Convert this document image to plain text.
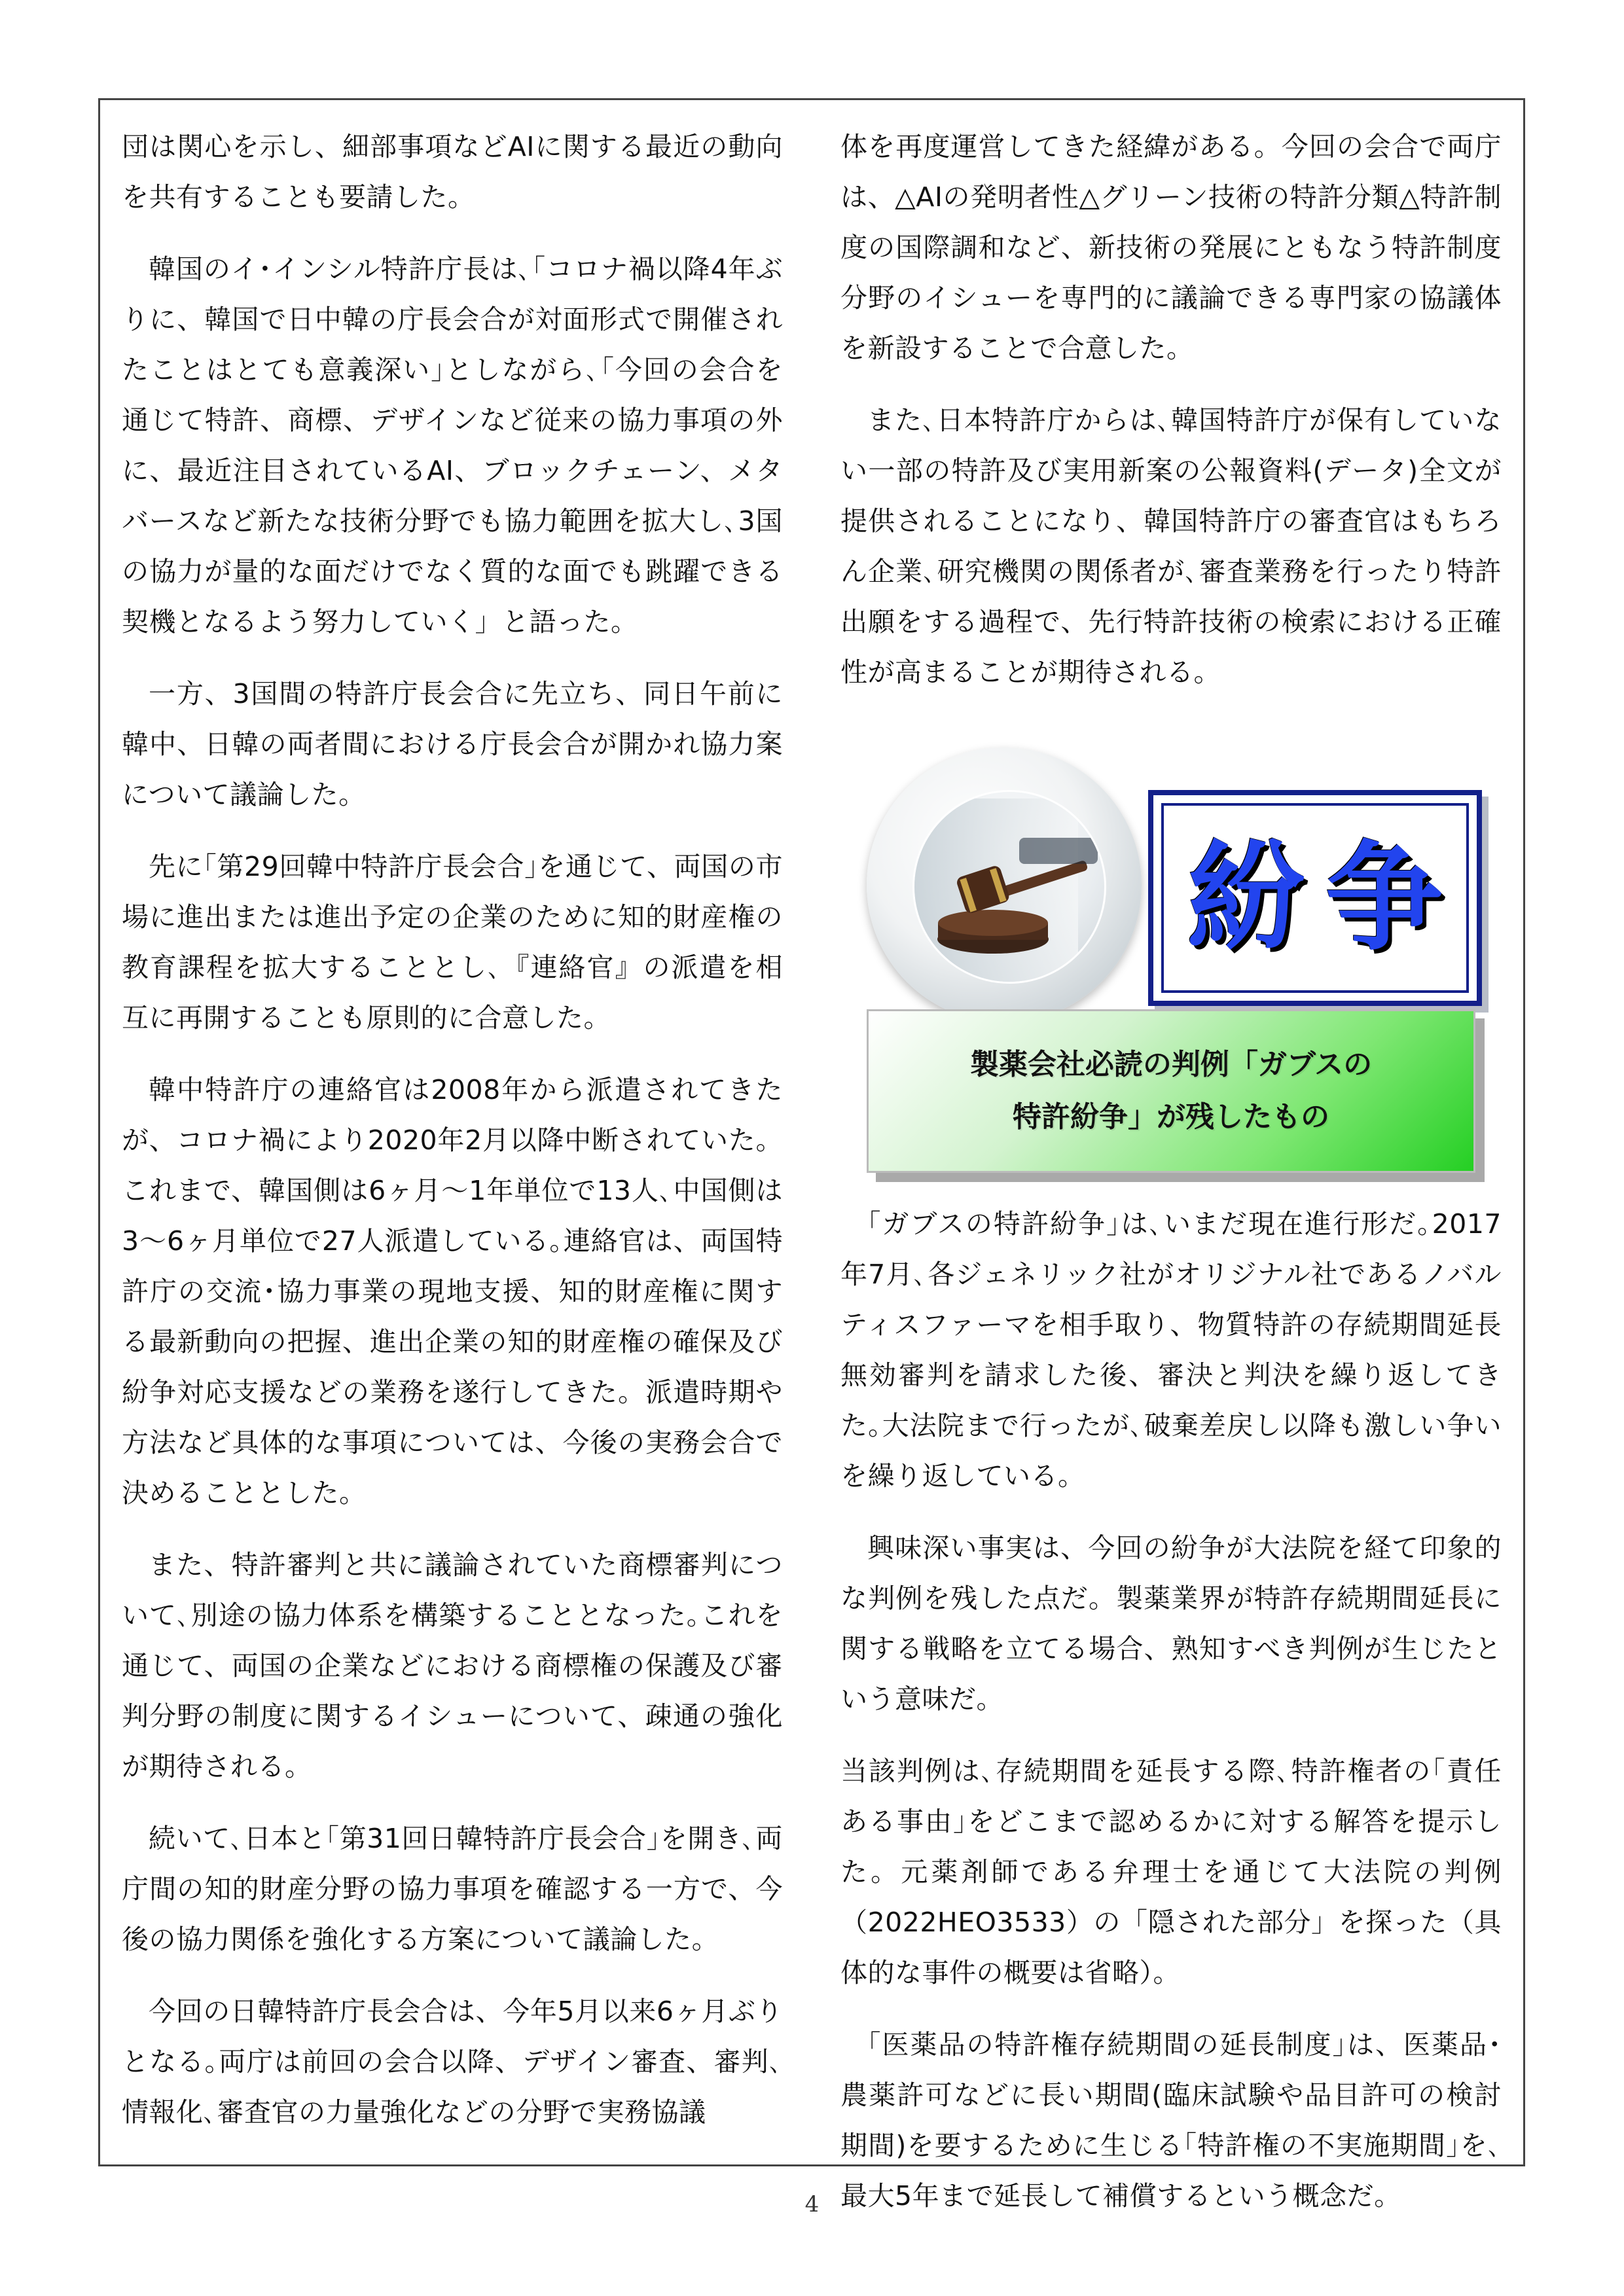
団は関心を示し、細部事項などAIに関する最近の動向を共有することも要請した。

韓国のイ･インシル特許庁長は､｢コロナ禍以降4年ぶりに、韓国で日中韓の庁長会合が対面形式で開催されたことはとても意義深い｣としながら､｢今回の会合を通じて特許、商標、デザインなど従来の協力事項の外に、最近注目されているAI、ブロックチェーン、メタバースなど新たな技術分野でも協力範囲を拡大し､3国の協力が量的な面だけでなく質的な面でも跳躍できる契機となるよう努力していく」と語った。

一方、3国間の特許庁長会合に先立ち、同日午前に韓中、日韓の両者間における庁長会合が開かれ協力案について議論した。

先に｢第29回韓中特許庁長会合｣を通じて、両国の市場に進出または進出予定の企業のために知的財産権の教育課程を拡大することとし､『連絡官』の派遣を相互に再開することも原則的に合意した。

韓中特許庁の連絡官は2008年から派遣されてきたが、コロナ禍により2020年2月以降中断されていた。これまで、韓国側は6ヶ月～1年単位で13人､中国側は3～6ヶ月単位で27人派遣している｡連絡官は、両国特許庁の交流･協力事業の現地支援、知的財産権に関する最新動向の把握、進出企業の知的財産権の確保及び紛争対応支援などの業務を遂行してきた。派遣時期や方法など具体的な事項については、今後の実務会合で決めることとした。

また、特許審判と共に議論されていた商標審判について､別途の協力体系を構築することとなった｡これを通じて、両国の企業などにおける商標権の保護及び審判分野の制度に関するイシューについて、疎通の強化が期待される。

続いて､日本と｢第31回日韓特許庁長会合｣を開き､両庁間の知的財産分野の協力事項を確認する一方で、今後の協力関係を強化する方案について議論した。

今回の日韓特許庁長会合は、今年5月以来6ヶ月ぶりとなる｡両庁は前回の会合以降、デザイン審査、審判､情報化､審査官の力量強化などの分野で実務協議

体を再度運営してきた経緯がある。今回の会合で両庁は、△AIの発明者性△グリーン技術の特許分類△特許制度の国際調和など、新技術の発展にともなう特許制度分野のイシューを専門的に議論できる専門家の協議体を新設することで合意した。

また､日本特許庁からは､韓国特許庁が保有していない一部の特許及び実用新案の公報資料(データ)全文が提供されることになり、韓国特許庁の審査官はもちろん企業､研究機関の関係者が､審査業務を行ったり特許出願をする過程で、先行特許技術の検索における正確性が高まることが期待される。

紛 争
製薬会社必読の判例「ガブスの
特許紛争」が残したもの

｢ガブスの特許紛争｣は､いまだ現在進行形だ｡2017年7月､各ジェネリック社がオリジナル社であるノバルティスファーマを相手取り、物質特許の存続期間延長無効審判を請求した後、審決と判決を繰り返してきた｡大法院まで行ったが､破棄差戻し以降も激しい争いを繰り返している。

興味深い事実は、今回の紛争が大法院を経て印象的な判例を残した点だ。製薬業界が特許存続期間延長に関する戦略を立てる場合、熟知すべき判例が生じたという意味だ。

当該判例は､存続期間を延長する際､特許権者の｢責任ある事由｣をどこまで認めるかに対する解答を提示した。元薬剤師である弁理士を通じて大法院の判例（2022HEO3533）の「隠された部分」を探った（具体的な事件の概要は省略）。

｢医薬品の特許権存続期間の延長制度｣は、医薬品･農薬許可などに長い期間(臨床試験や品目許可の検討期間)を要するために生じる｢特許権の不実施期間｣を､最大5年まで延長して補償するという概念だ｡

4
